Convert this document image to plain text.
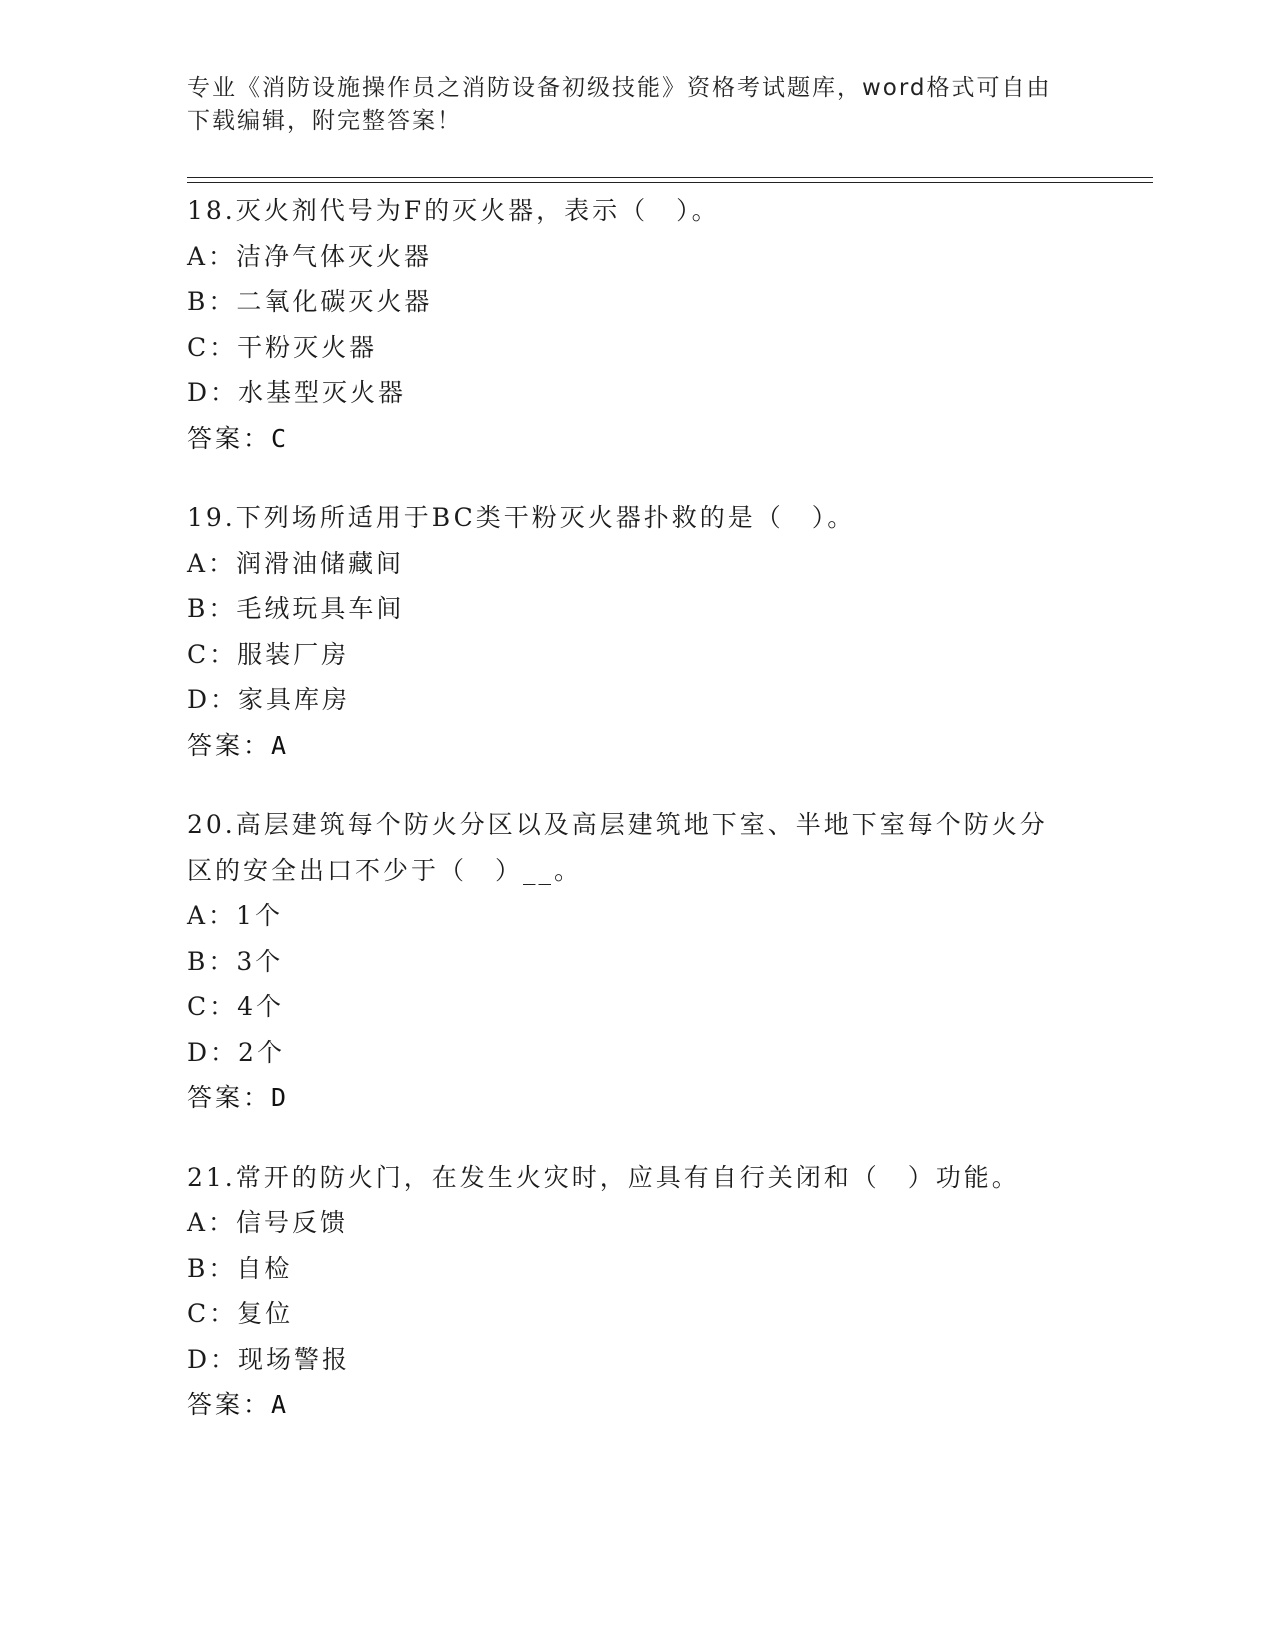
专业《消防设施操作员之消防设备初级技能》资格考试题库，word格式可自由下载编辑，附完整答案！
18.灭火剂代号为F的灭火器，表示（　）。
A：洁净气体灭火器
B：二氧化碳灭火器
C：干粉灭火器
D：水基型灭火器
答案：C
19.下列场所适用于BC类干粉灭火器扑救的是（　）。
A：润滑油储藏间
B：毛绒玩具车间
C：服装厂房
D：家具库房
答案：A
20.高层建筑每个防火分区以及高层建筑地下室、半地下室每个防火分区的安全出口不少于（　）__。
A：1个
B：3个
C：4个
D：2个
答案：D
21.常开的防火门，在发生火灾时，应具有自行关闭和（　）功能。
A：信号反馈
B：自检
C：复位
D：现场警报
答案：A
